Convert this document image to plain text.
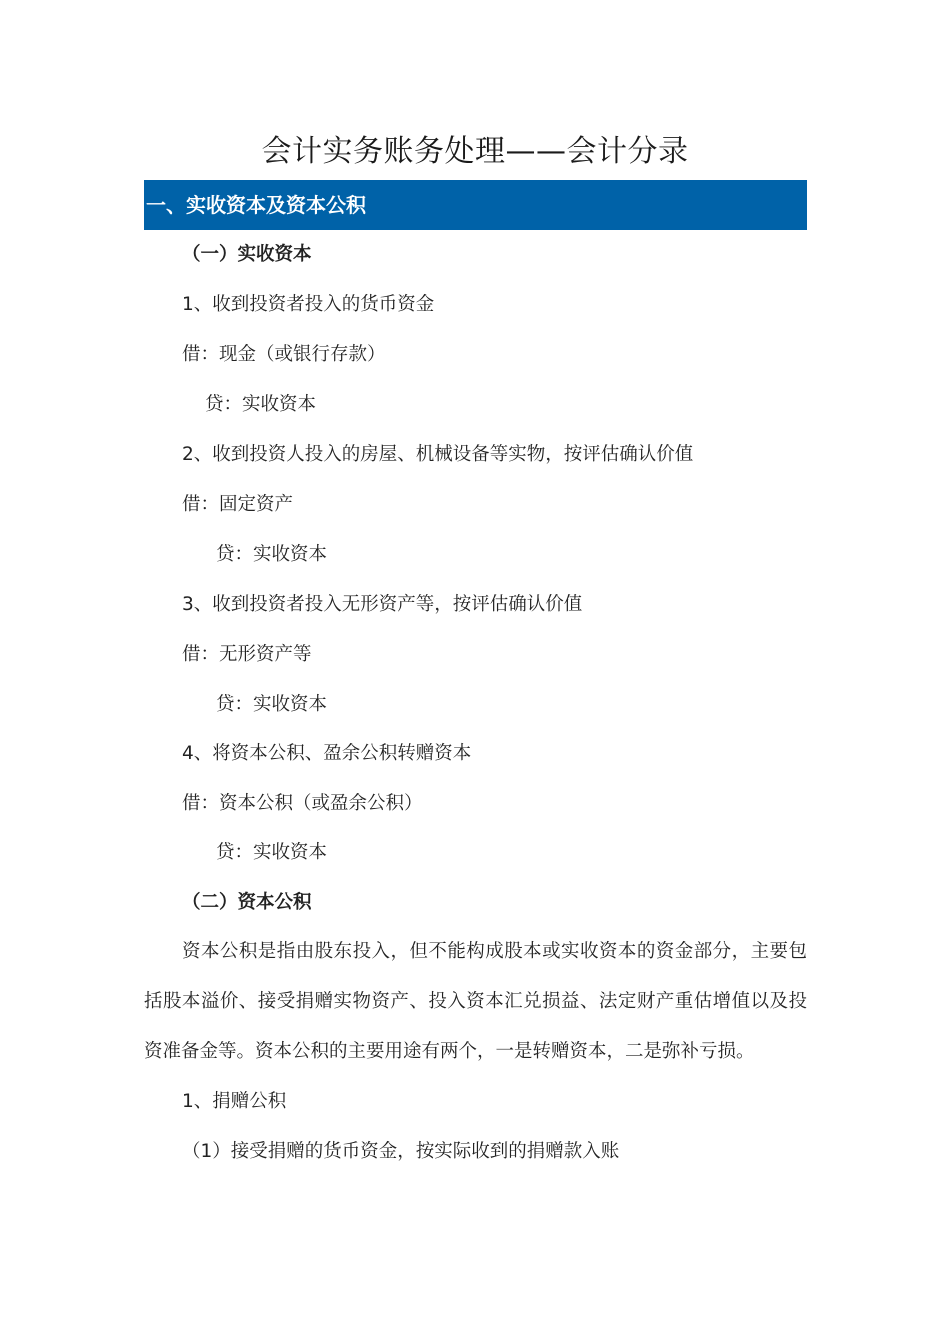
会计实务账务处理——会计分录
一、实收资本及资本公积

（一）实收资本

1、收到投资者投入的货币资金

借：现金（或银行存款）

贷：实收资本

2、收到投资人投入的房屋、机械设备等实物，按评估确认价值

借：固定资产

贷：实收资本

3、收到投资者投入无形资产等，按评估确认价值

借：无形资产等

贷：实收资本

4、将资本公积、盈余公积转赠资本

借：资本公积（或盈余公积）

贷：实收资本

（二）资本公积

资本公积是指由股东投入，但不能构成股本或实收资本的资金部分，主要包括股本溢价、接受捐赠实物资产、投入资本汇兑损益、法定财产重估增值以及投资准备金等。资本公积的主要用途有两个，一是转赠资本，二是弥补亏损。

1、捐赠公积

（1）接受捐赠的货币资金，按实际收到的捐赠款入账
